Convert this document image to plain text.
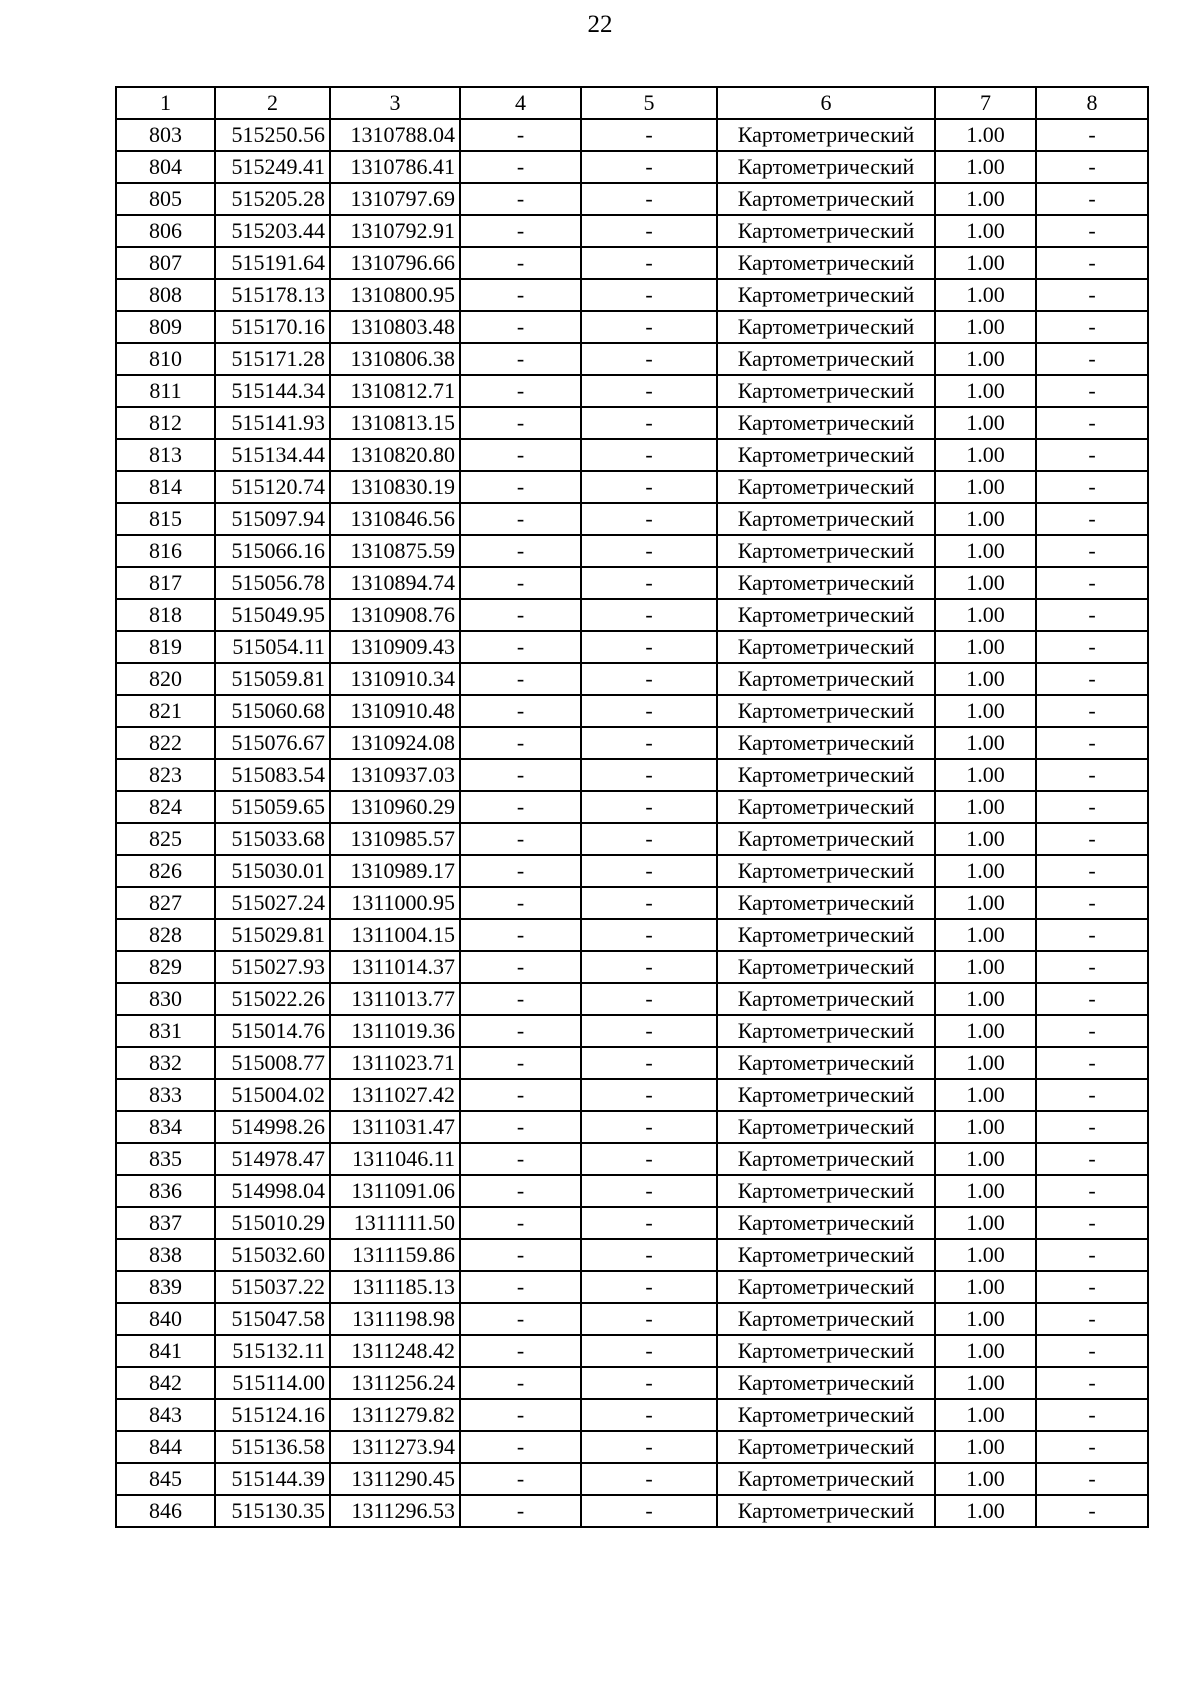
22
1	2	3	4	5	6	7	8
803	515250.56	1310788.04	-	-	Картометрический	1.00	-
804	515249.41	1310786.41	-	-	Картометрический	1.00	-
805	515205.28	1310797.69	-	-	Картометрический	1.00	-
806	515203.44	1310792.91	-	-	Картометрический	1.00	-
807	515191.64	1310796.66	-	-	Картометрический	1.00	-
808	515178.13	1310800.95	-	-	Картометрический	1.00	-
809	515170.16	1310803.48	-	-	Картометрический	1.00	-
810	515171.28	1310806.38	-	-	Картометрический	1.00	-
811	515144.34	1310812.71	-	-	Картометрический	1.00	-
812	515141.93	1310813.15	-	-	Картометрический	1.00	-
813	515134.44	1310820.80	-	-	Картометрический	1.00	-
814	515120.74	1310830.19	-	-	Картометрический	1.00	-
815	515097.94	1310846.56	-	-	Картометрический	1.00	-
816	515066.16	1310875.59	-	-	Картометрический	1.00	-
817	515056.78	1310894.74	-	-	Картометрический	1.00	-
818	515049.95	1310908.76	-	-	Картометрический	1.00	-
819	515054.11	1310909.43	-	-	Картометрический	1.00	-
820	515059.81	1310910.34	-	-	Картометрический	1.00	-
821	515060.68	1310910.48	-	-	Картометрический	1.00	-
822	515076.67	1310924.08	-	-	Картометрический	1.00	-
823	515083.54	1310937.03	-	-	Картометрический	1.00	-
824	515059.65	1310960.29	-	-	Картометрический	1.00	-
825	515033.68	1310985.57	-	-	Картометрический	1.00	-
826	515030.01	1310989.17	-	-	Картометрический	1.00	-
827	515027.24	1311000.95	-	-	Картометрический	1.00	-
828	515029.81	1311004.15	-	-	Картометрический	1.00	-
829	515027.93	1311014.37	-	-	Картометрический	1.00	-
830	515022.26	1311013.77	-	-	Картометрический	1.00	-
831	515014.76	1311019.36	-	-	Картометрический	1.00	-
832	515008.77	1311023.71	-	-	Картометрический	1.00	-
833	515004.02	1311027.42	-	-	Картометрический	1.00	-
834	514998.26	1311031.47	-	-	Картометрический	1.00	-
835	514978.47	1311046.11	-	-	Картометрический	1.00	-
836	514998.04	1311091.06	-	-	Картометрический	1.00	-
837	515010.29	1311111.50	-	-	Картометрический	1.00	-
838	515032.60	1311159.86	-	-	Картометрический	1.00	-
839	515037.22	1311185.13	-	-	Картометрический	1.00	-
840	515047.58	1311198.98	-	-	Картометрический	1.00	-
841	515132.11	1311248.42	-	-	Картометрический	1.00	-
842	515114.00	1311256.24	-	-	Картометрический	1.00	-
843	515124.16	1311279.82	-	-	Картометрический	1.00	-
844	515136.58	1311273.94	-	-	Картометрический	1.00	-
845	515144.39	1311290.45	-	-	Картометрический	1.00	-
846	515130.35	1311296.53	-	-	Картометрический	1.00	-
